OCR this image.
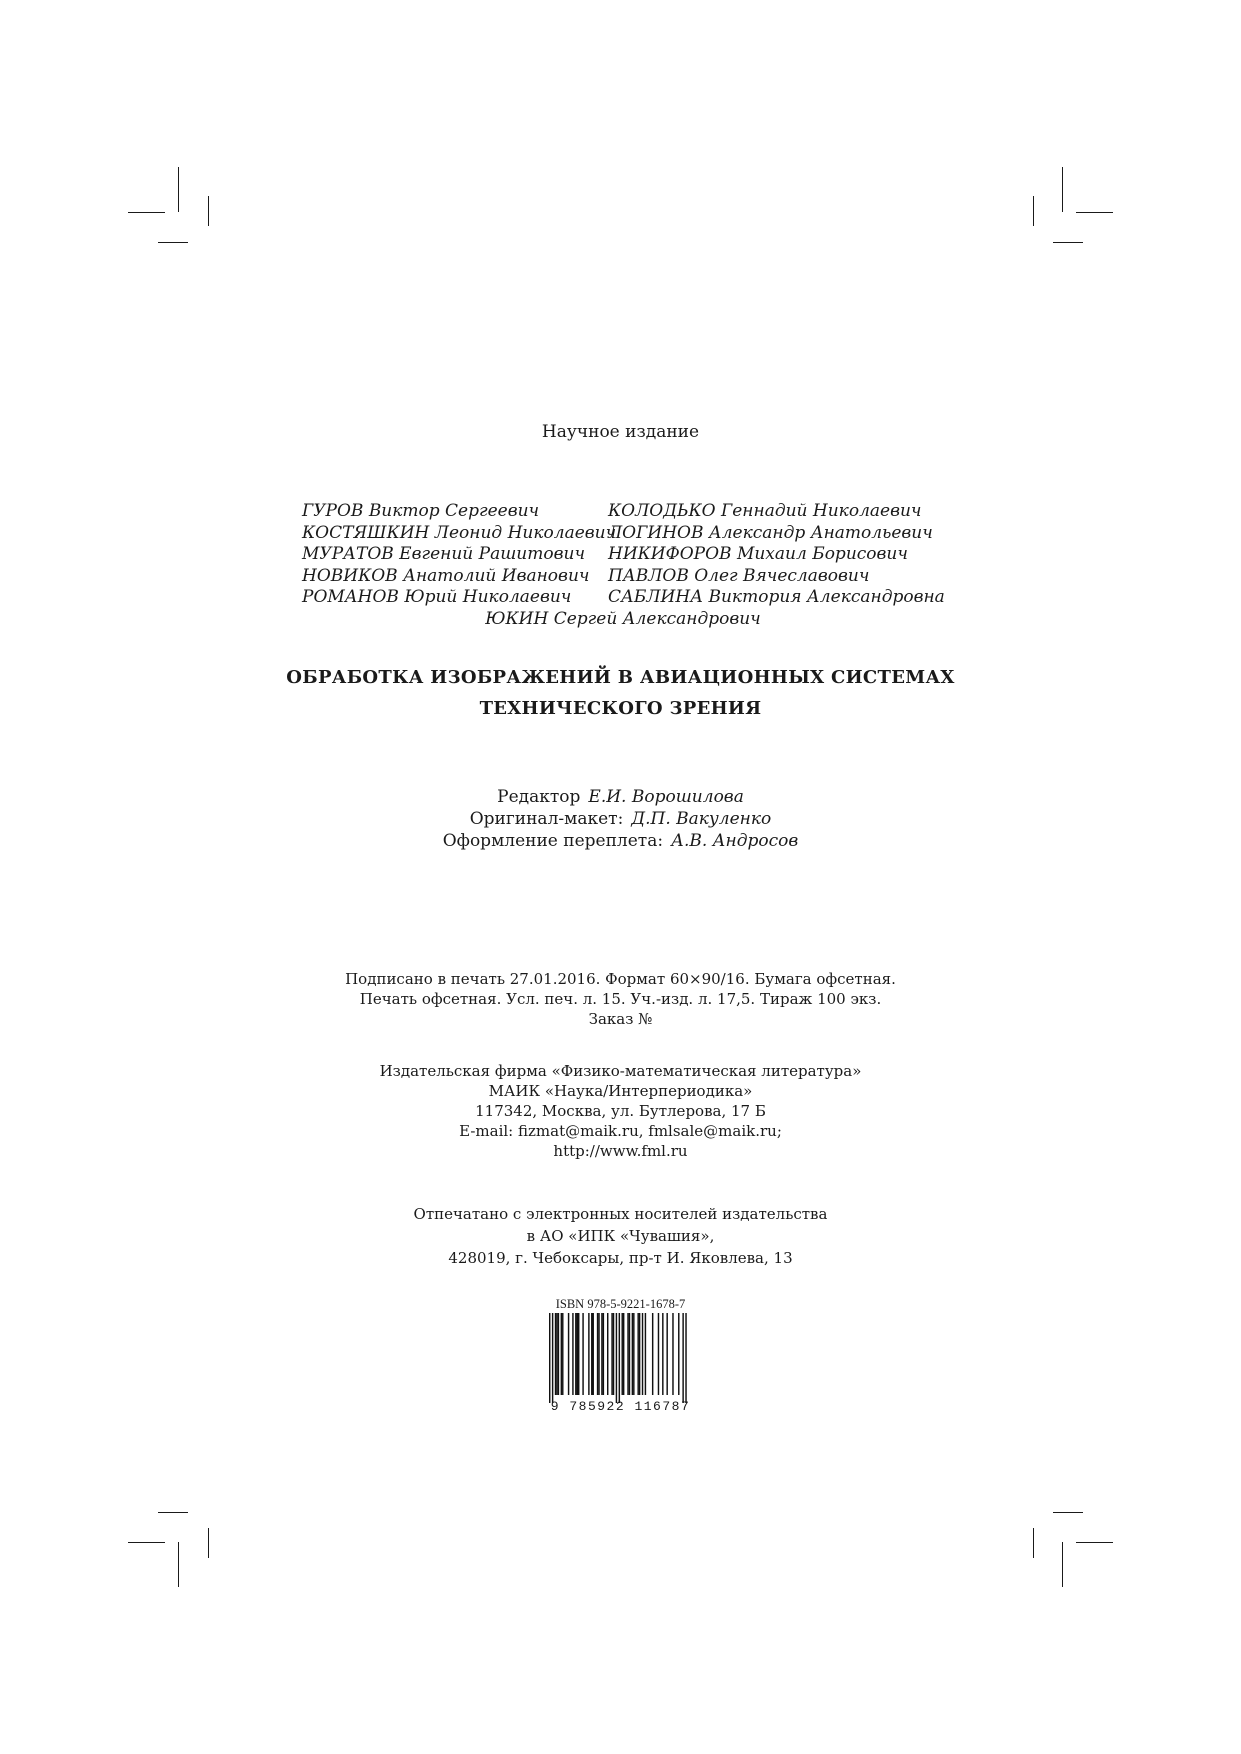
Научное издание
ГУРОВ Виктор Сергеевич	КОЛОДЬКО Геннадий Николаевич
КОСТЯШКИН Леонид Николаевич
ЛОГИНОВ Александр Анатольевич
МУРАТОВ Евгений Рашитович НИКИФОРОВ Михаил Борисович
НОВИКОВ Анатолий Иванович ПАВЛОВ Олег Вячеславович
РОМАНОВ Юрий Николаевич САБЛИНА Виктория Александровна
ЮКИН Сергей Александрович
ОБРАБОТКА ИЗОБРАЖЕНИЙ В АВИАЦИОННЫХ СИСТЕМАХ
ТЕХНИЧЕСКОГО ЗРЕНИЯ
Редактор Е.И. Ворошилова
Оригинал-макет: Д.П. Вакуленко
Оформление переплета: А.В. Андросов
Подписано в печать 27.01.2016. Формат 60×90/16. Бумага офсетная.
Печать офсетная. Усл. печ. л. 15. Уч.-изд. л. 17,5. Тираж 100 экз.
Заказ №
Издательская фирма «Физико-математическая литература»
МАИК «Наука/Интерпериодика»
117342, Москва, ул. Бутлерова, 17 Б
E-mail: fizmat@maik.ru, fmlsale@maik.ru;
http://www.fml.ru
Отпечатано с электронных носителей издательства
в АО «ИПК «Чувашия»,
428019, г. Чебоксары, пр-т И. Яковлева, 13
ISBN 978-5-9221-1678-7
9 785922 116787
